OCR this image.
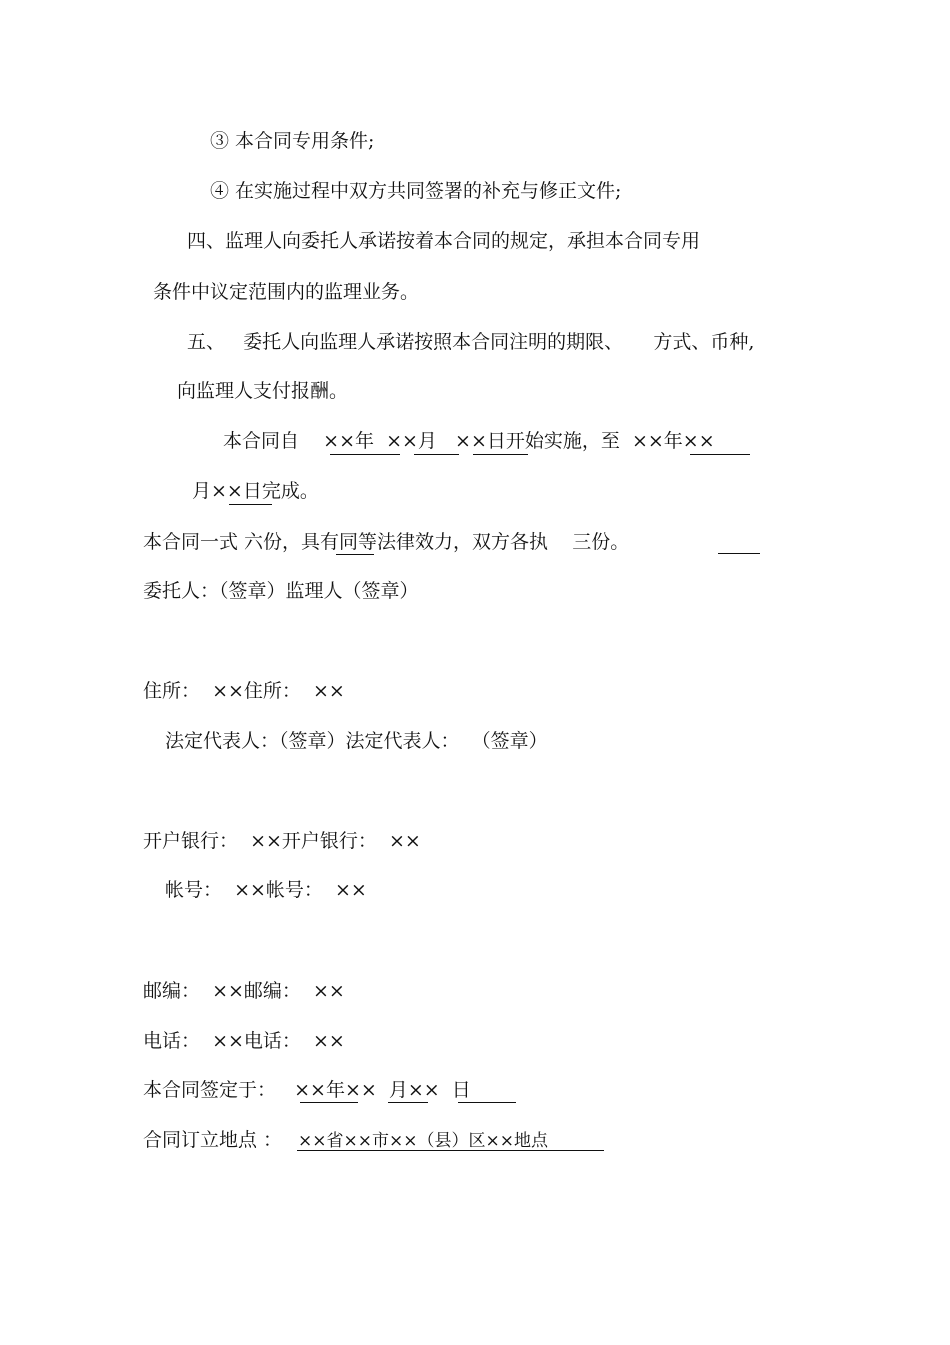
③ 本合同专用条件;
④ 在实施过程中双方共同签署的补充与修正文件;
四、监理人向委托人承诺按着本合同的规定，承担本合同专用
条件中议定范围内的监理业务。
五、   委托人向监理人承诺按照本合同注明的期限、     方式、币种,
向监理人支付报酬。
本合同自    ××年  ××月   ××日开始实施，至  ××年××
月××日完成。
本合同一式 六份，具有同等法律效力，双方各执    三份。
委托人：（签章）监理人（签章）
住所：  ××住所：  ××
法定代表人：（签章）法定代表人：  （签章）
开户银行：  ××开户银行：  ××
帐号：  ××帐号：  ××
邮编：  ××邮编：  ××
电话：  ××电话：  ××
本合同签定于：   ××年××  月××  日
合同订立地点 ： ××省××市××（县）区××地点
